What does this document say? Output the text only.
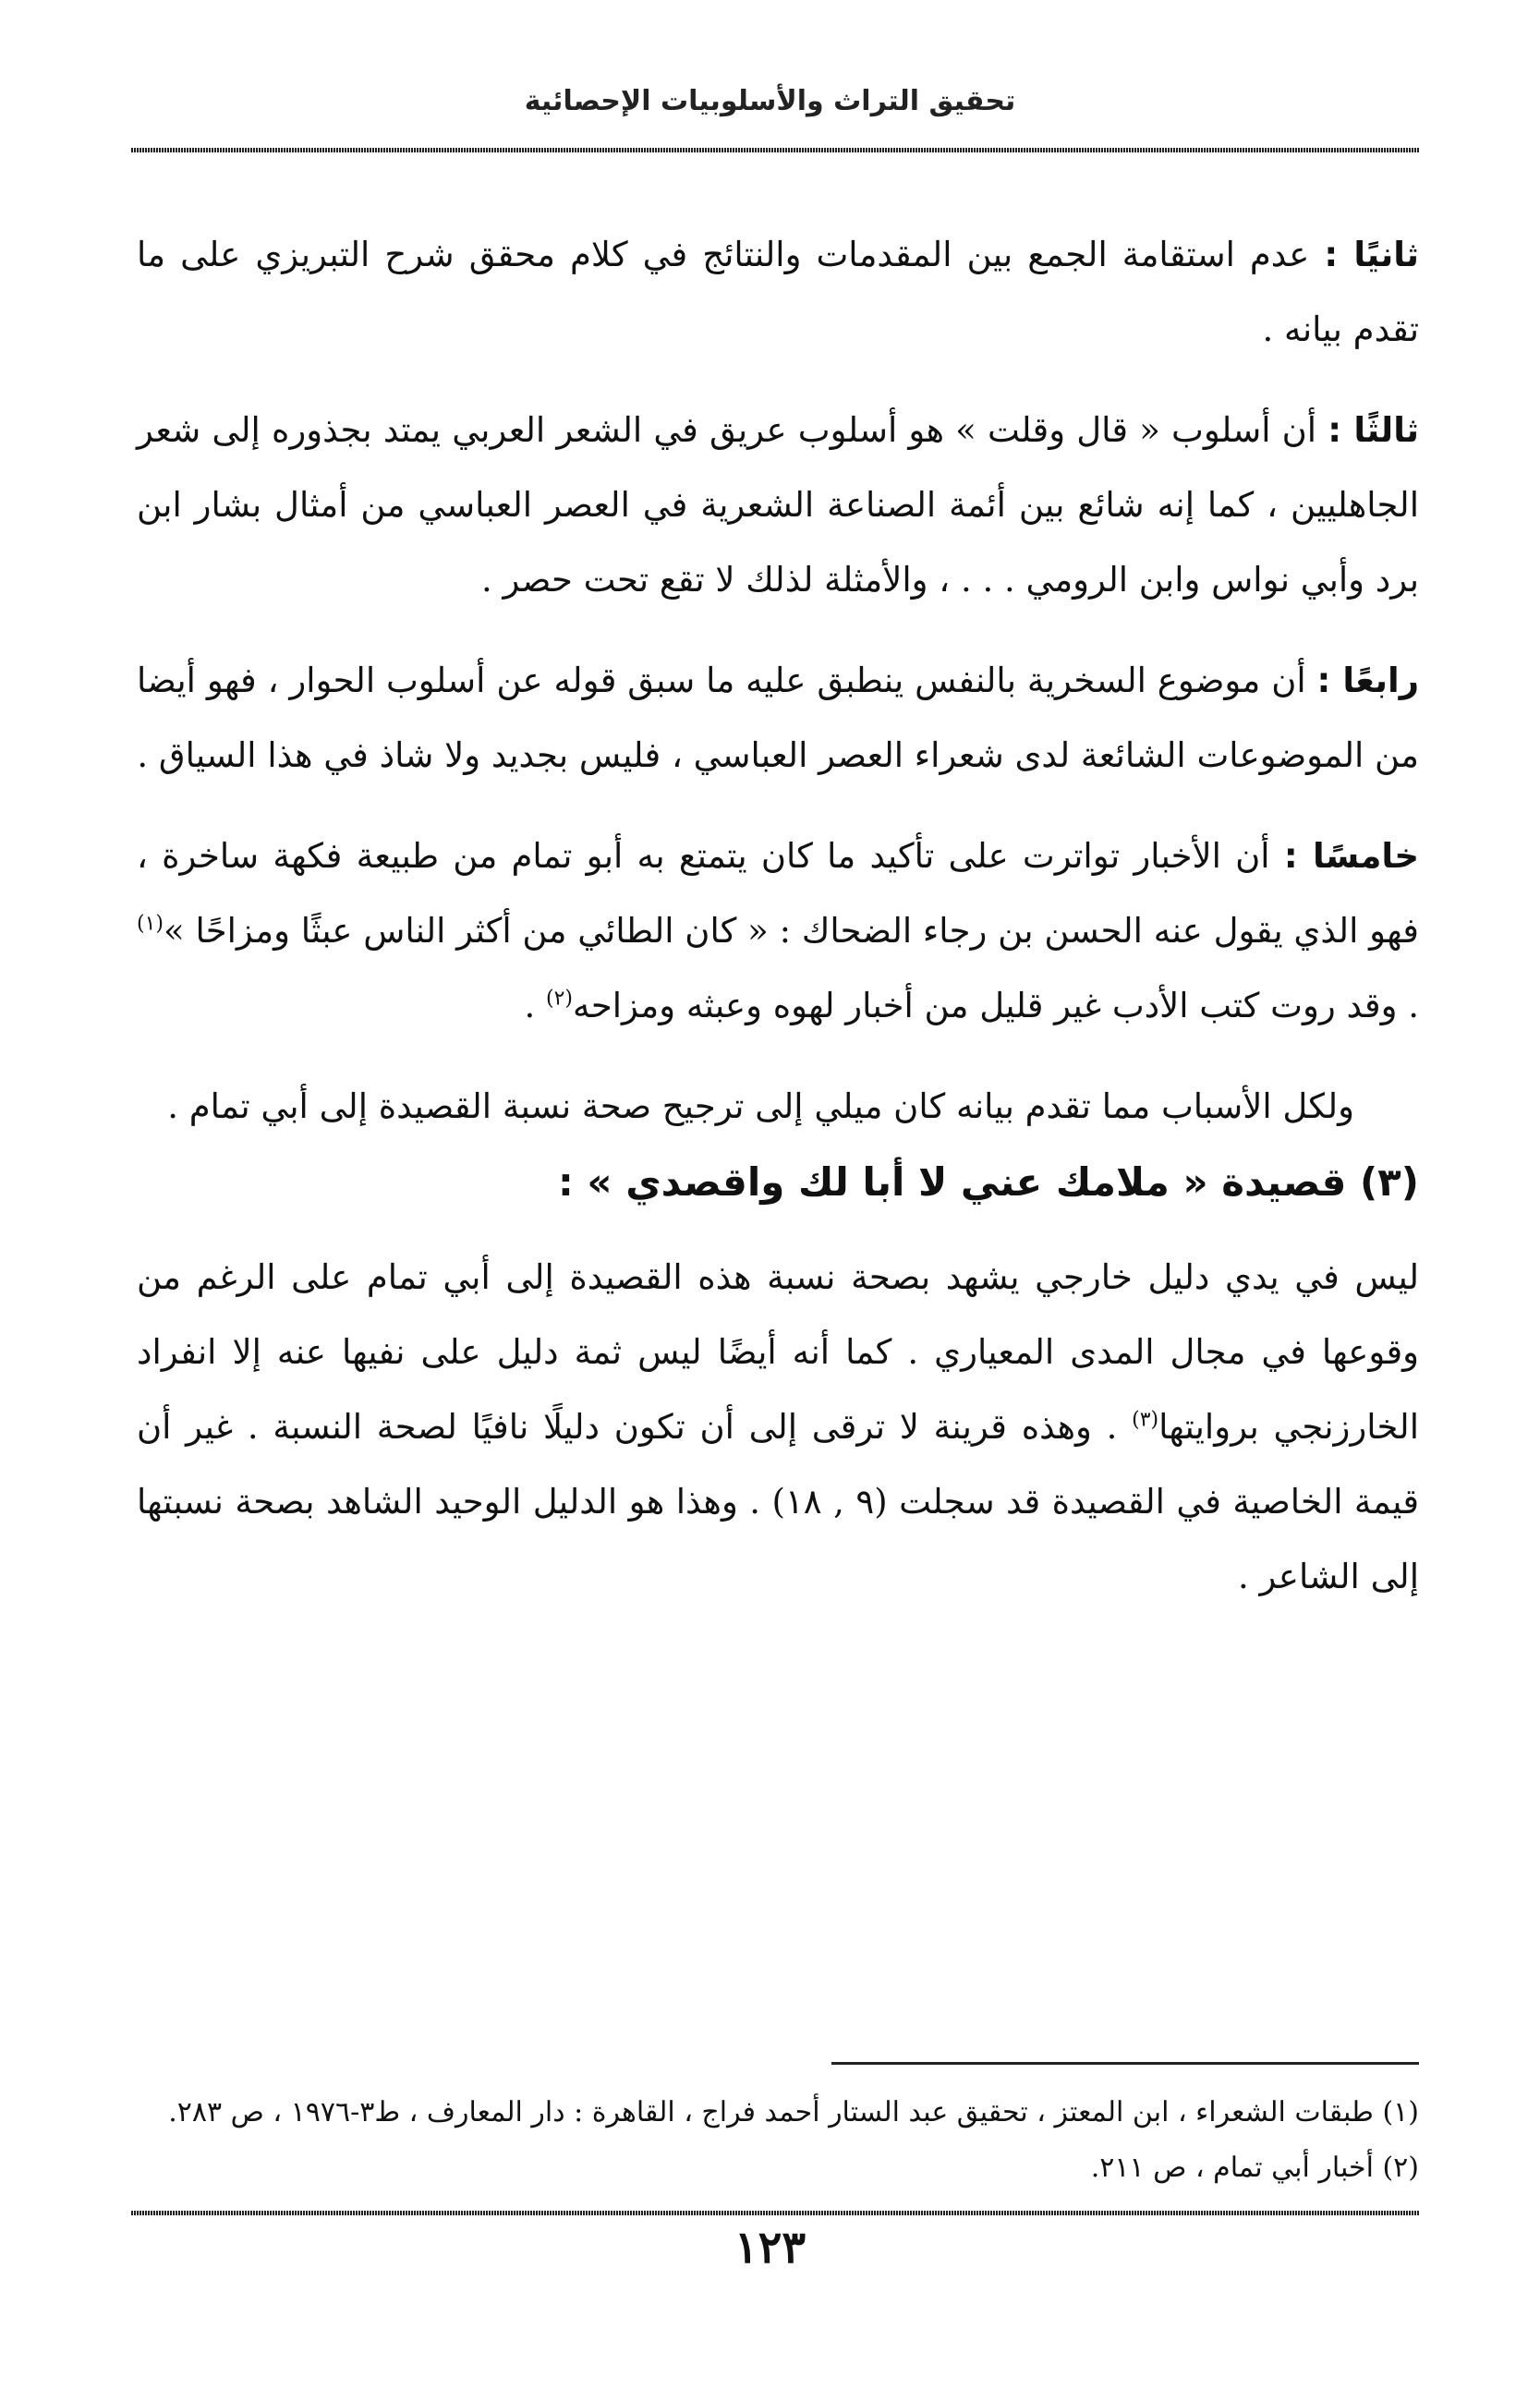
تحقيق التراث والأسلوبيات الإحصائية

ثانيًا : عدم استقامة الجمع بين المقدمات والنتائج في كلام محقق شرح التبريزي على ما تقدم بيانه .

ثالثًا : أن أسلوب « قال وقلت » هو أسلوب عريق في الشعر العربي يمتد بجذوره إلى شعر الجاهليين ، كما إنه شائع بين أئمة الصناعة الشعرية في العصر العباسي من أمثال بشار ابن برد وأبي نواس وابن الرومي . . . ، والأمثلة لذلك لا تقع تحت حصر .

رابعًا : أن موضوع السخرية بالنفس ينطبق عليه ما سبق قوله عن أسلوب الحوار ، فهو أيضا من الموضوعات الشائعة لدى شعراء العصر العباسي ، فليس بجديد ولا شاذ في هذا السياق .

خامسًا : أن الأخبار تواترت على تأكيد ما كان يتمتع به أبو تمام من طبيعة فكهة ساخرة ، فهو الذي يقول عنه الحسن بن رجاء الضحاك : « كان الطائي من أكثر الناس عبثًا ومزاحًا »$^{(١)}$ . وقد روت كتب الأدب غير قليل من أخبار لهوه وعبثه ومزاحه$^{(٢)}$ .

ولكل الأسباب مما تقدم بيانه كان ميلي إلى ترجيح صحة نسبة القصيدة إلى أبي تمام .

(٣) قصيدة « ملامك عني لا أبا لك واقصدي » :

ليس في يدي دليل خارجي يشهد بصحة نسبة هذه القصيدة إلى أبي تمام على الرغم من وقوعها في مجال المدى المعياري . كما أنه أيضًا ليس ثمة دليل على نفيها عنه إلا انفراد الخارزنجي بروايتها$^{(٣)}$ . وهذه قرينة لا ترقى إلى أن تكون دليلًا نافيًا لصحة النسبة . غير أن قيمة الخاصية في القصيدة قد سجلت (٩ , ١٨) . وهذا هو الدليل الوحيد الشاهد بصحة نسبتها إلى الشاعر .

(١) طبقات الشعراء ، ابن المعتز ، تحقيق عبد الستار أحمد فراج ، القاهرة : دار المعارف ، ط٣-١٩٧٦ ، ص ٢٨٣.

(٢) أخبار أبي تمام ، ص ٢١١.

١٢٣
